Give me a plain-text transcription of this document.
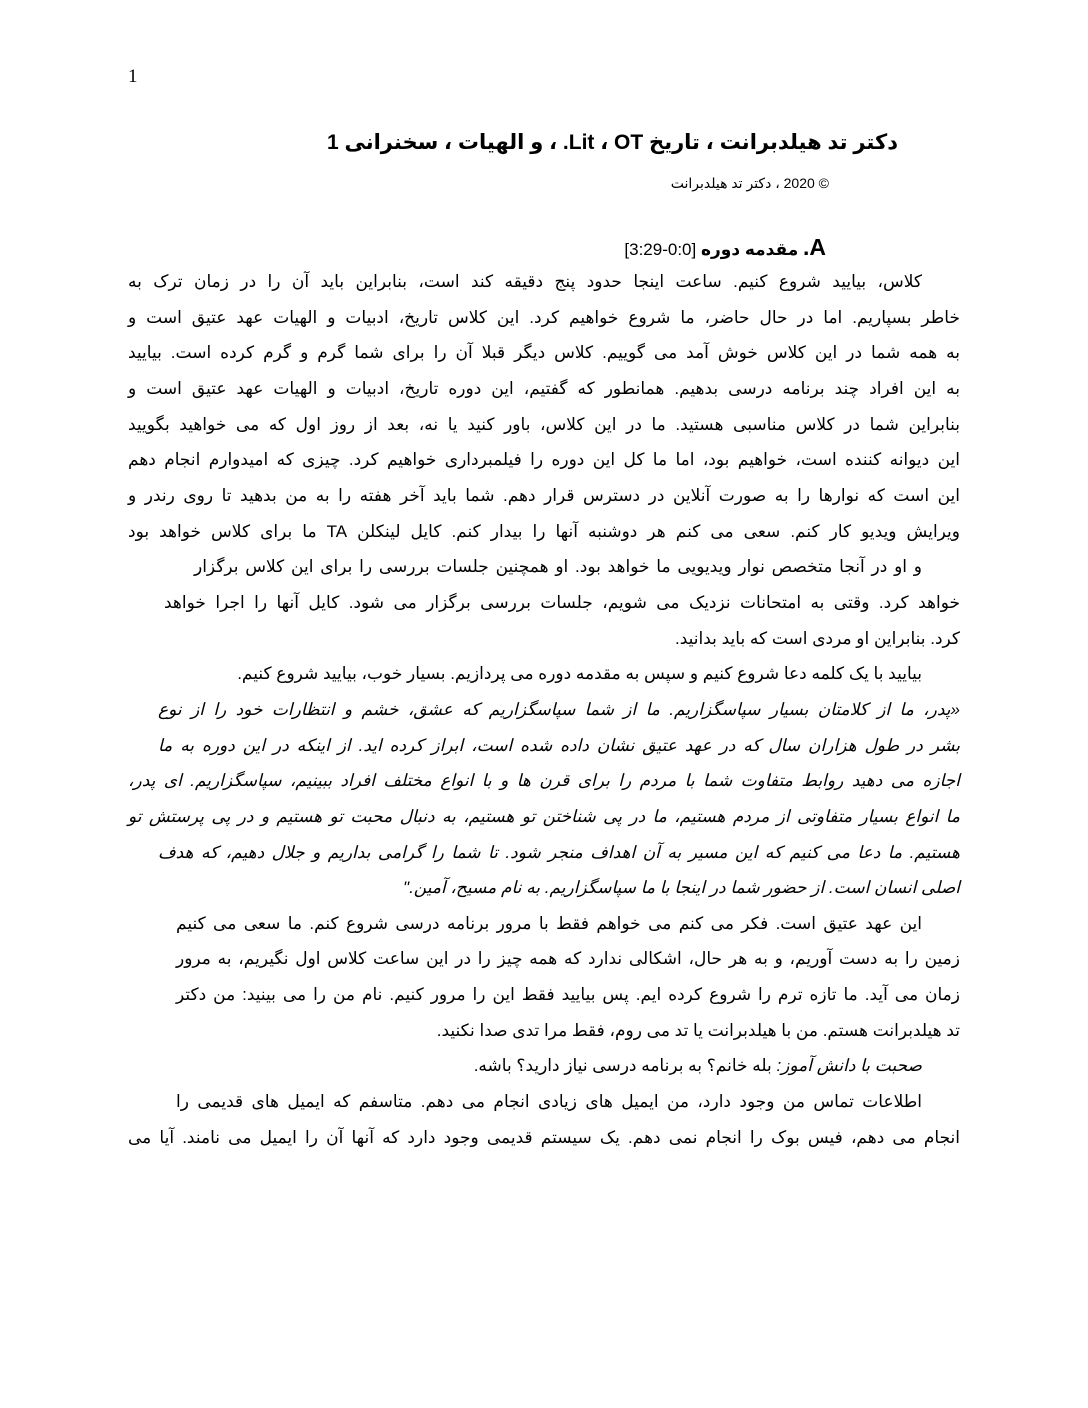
1
دکتر تد هیلدبرانت ، تاریخ Lit ، OT. ، و الهیات ، سخنرانی 1
© 2020 ، دکتر تد هیلدبرانت
A. مقدمه دوره [0:0-3:29]
کلاس، بیایید شروع کنیم. ساعت اینجا حدود پنج دقیقه کند است، بنابراین باید آن را در زمان ترک به
خاطر بسپاریم. اما در حال حاضر، ما شروع خواهیم کرد. این کلاس تاریخ، ادبیات و الهیات عهد عتیق است و
به همه شما در این کلاس خوش آمد می گوییم. کلاس دیگر قبلا آن را برای شما گرم و گرم کرده است. بیایید
به این افراد چند برنامه درسی بدهیم. همانطور که گفتیم، این دوره تاریخ، ادبیات و الهیات عهد عتیق است و
بنابراین شما در کلاس مناسبی هستید. ما در این کلاس، باور کنید یا نه، بعد از روز اول که می خواهید بگویید
این دیوانه کننده است، خواهیم بود، اما ما کل این دوره را فیلمبرداری خواهیم کرد. چیزی که امیدوارم انجام دهم
این است که نوارها را به صورت آنلاین در دسترس قرار دهم. شما باید آخر هفته را به من بدهید تا روی رندر و
ویرایش ویدیو کار کنم. سعی می کنم هر دوشنبه آنها را بیدار کنم. کایل لینکلن TA ما برای کلاس خواهد بود
و او در آنجا متخصص نوار ویدیویی ما خواهد بود. او همچنین جلسات بررسی را برای این کلاس برگزار
خواهد کرد. وقتی به امتحانات نزدیک می شویم، جلسات بررسی برگزار می شود. کایل آنها را اجرا خواهد
کرد. بنابراین او مردی است که باید بدانید.
بیایید با یک کلمه دعا شروع کنیم و سپس به مقدمه دوره می پردازیم. بسیار خوب، بیایید شروع کنیم.
«پدر، ما از کلامتان بسیار سپاسگزاریم. ما از شما سپاسگزاریم که عشق، خشم و انتظارات خود را از نوع
بشر در طول هزاران سال که در عهد عتیق نشان داده شده است، ابراز کرده اید. از اینکه در این دوره به ما
اجازه می دهید روابط متفاوت شما با مردم را برای قرن ها و با انواع مختلف افراد ببینیم، سپاسگزاریم. ای پدر،
ما انواع بسیار متفاوتی از مردم هستیم، ما در پی شناختن تو هستیم، به دنبال محبت تو هستیم و در پی پرستش تو
هستیم. ما دعا می کنیم که این مسیر به آن اهداف منجر شود. تا شما را گرامی بداریم و جلال دهیم، که هدف
اصلی انسان است. از حضور شما در اینجا با ما سپاسگزاریم. به نام مسیح، آمین."
این عهد عتیق است. فکر می کنم می خواهم فقط با مرور برنامه درسی شروع کنم. ما سعی می کنیم
زمین را به دست آوریم، و به هر حال، اشکالی ندارد که همه چیز را در این ساعت کلاس اول نگیریم، به مرور
زمان می آید. ما تازه ترم را شروع کرده ایم. پس بیایید فقط این را مرور کنیم. نام من را می بینید: من دکتر
تد هیلدبرانت هستم. من با هیلدبرانت یا تد می روم، فقط مرا تدی صدا نکنید.
صحبت با دانش آموز: بله خانم؟ به برنامه درسی نیاز دارید؟ باشه.
اطلاعات تماس من وجود دارد، من ایمیل های زیادی انجام می دهم. متاسفم که ایمیل های قدیمی را
انجام می دهم، فیس بوک را انجام نمی دهم. یک سیستم قدیمی وجود دارد که آنها آن را ایمیل می نامند. آیا می
